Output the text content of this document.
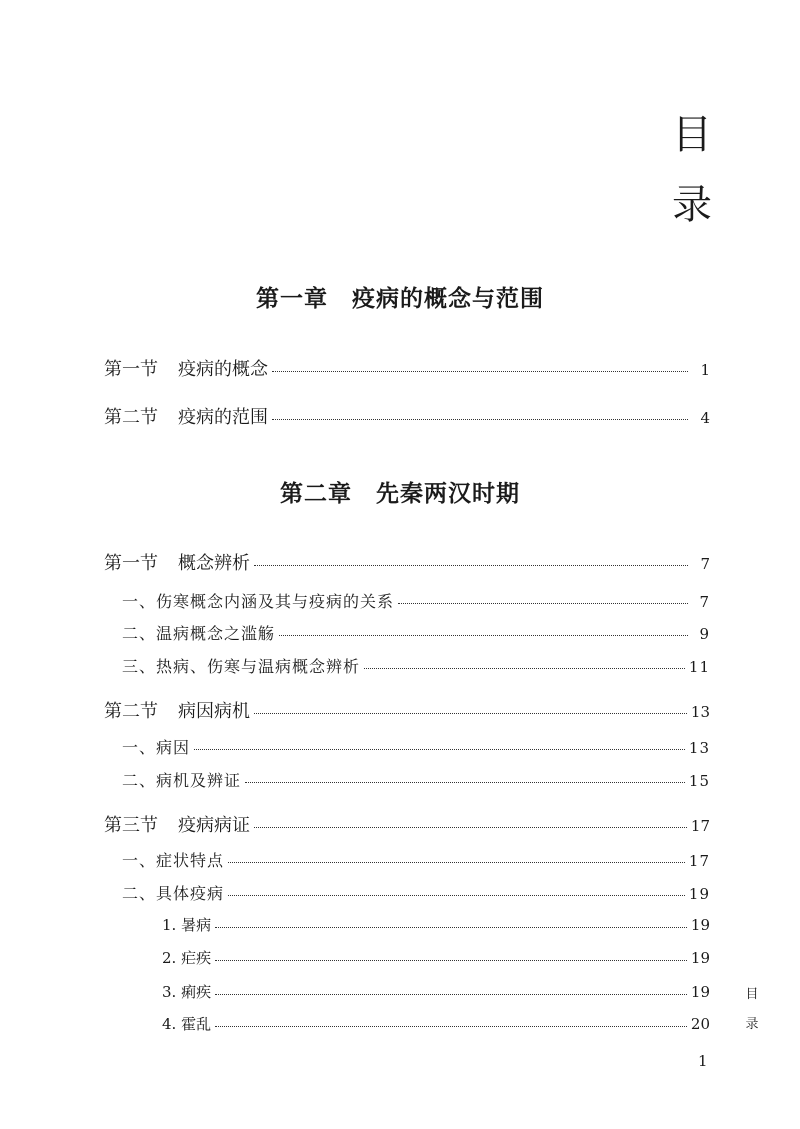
目
录
第一章 疫病的概念与范围
第一节 疫病的概念	1
第二节 疫病的范围	4
第二章 先秦两汉时期
第一节 概念辨析	7
一、伤寒概念内涵及其与疫病的关系	7
二、温病概念之滥觞	9
三、热病、伤寒与温病概念辨析	11
第二节 病因病机	13
一、病因	13
二、病机及辨证	15
第三节 疫病病证	17
一、症状特点	17
二、具体疫病	19
1. 暑病	19
2. 疟疾	19
3. 痢疾	19
4. 霍乱	20
目
录
1
